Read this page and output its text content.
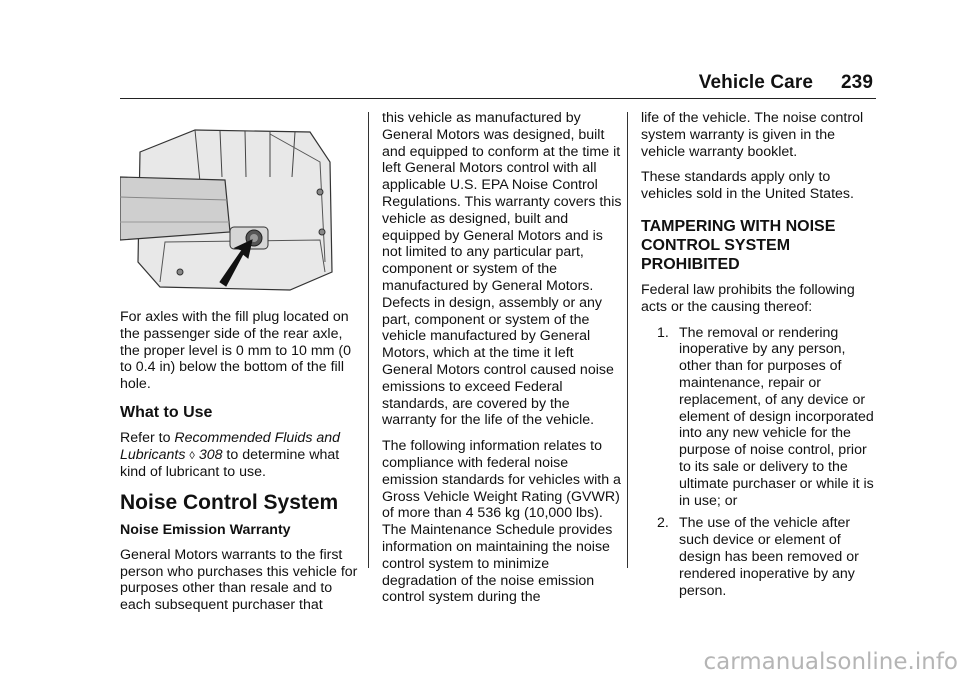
Vehicle Care 239

For axles with the fill plug located on the passenger side of the rear axle, the proper level is 0 mm to 10 mm (0 to 0.4 in) below the bottom of the fill hole.

What to Use

Refer to Recommended Fluids and Lubricants ◊ 308 to determine what kind of lubricant to use.

Noise Control System
Noise Emission Warranty

General Motors warrants to the first person who purchases this vehicle for purposes other than resale and to each subsequent purchaser that

this vehicle as manufactured by General Motors was designed, built and equipped to conform at the time it left General Motors control with all applicable U.S. EPA Noise Control Regulations. This warranty covers this vehicle as designed, built and equipped by General Motors and is not limited to any particular part, component or system of the manufactured by General Motors. Defects in design, assembly or any part, component or system of the vehicle manufactured by General Motors, which at the time it left General Motors control caused noise emissions to exceed Federal standards, are covered by the warranty for the life of the vehicle.

The following information relates to compliance with federal noise emission standards for vehicles with a Gross Vehicle Weight Rating (GVWR) of more than 4 536 kg (10,000 lbs). The Maintenance Schedule provides information on maintaining the noise control system to minimize degradation of the noise emission control system during the

life of the vehicle. The noise control system warranty is given in the vehicle warranty booklet.

These standards apply only to vehicles sold in the United States.

TAMPERING WITH NOISE CONTROL SYSTEM PROHIBITED

Federal law prohibits the following acts or the causing thereof:

1. The removal or rendering inoperative by any person, other than for purposes of maintenance, repair or replacement, of any device or element of design incorporated into any new vehicle for the purpose of noise control, prior to its sale or delivery to the ultimate purchaser or while it is in use; or
2. The use of the vehicle after such device or element of design has been removed or rendered inoperative by any person.
carmanualsonline.info
